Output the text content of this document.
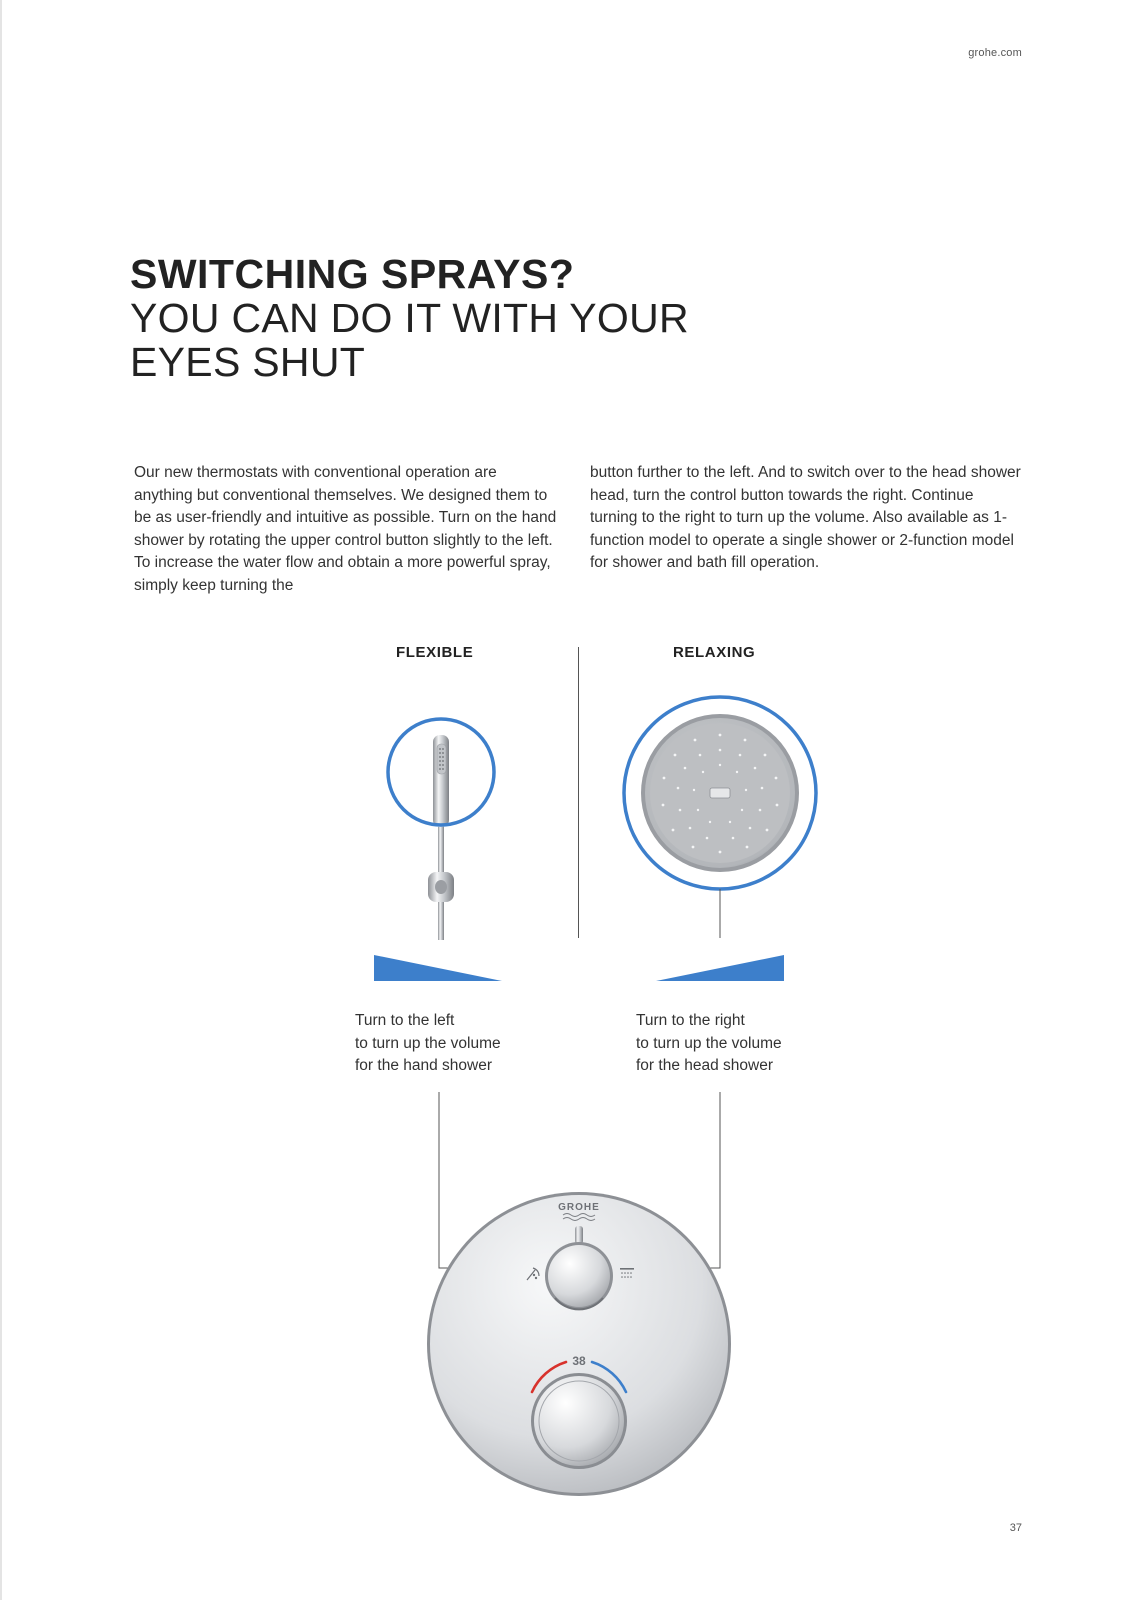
grohe.com
SWITCHING SPRAYS?
YOU CAN DO IT WITH YOUR
EYES SHUT

Our new thermostats with conventional operation are anything but conventional themselves. We designed them to be as user-friendly and intuitive as possible. Turn on the hand shower by rotating the upper control button slightly to the left. To increase the water flow and obtain a more powerful spray, simply keep turning the

button further to the left. And to switch over to the head shower head, turn the control button towards the right. Continue turning to the right to turn up the volume. Also available as 1-function model to operate a single shower or 2-function model for shower and bath fill operation.

FLEXIBLE	RELAXING
GROHE
38
Turn to the left
to turn up the volume
for the hand shower
Turn to the right
to turn up the volume
for the head shower
37
